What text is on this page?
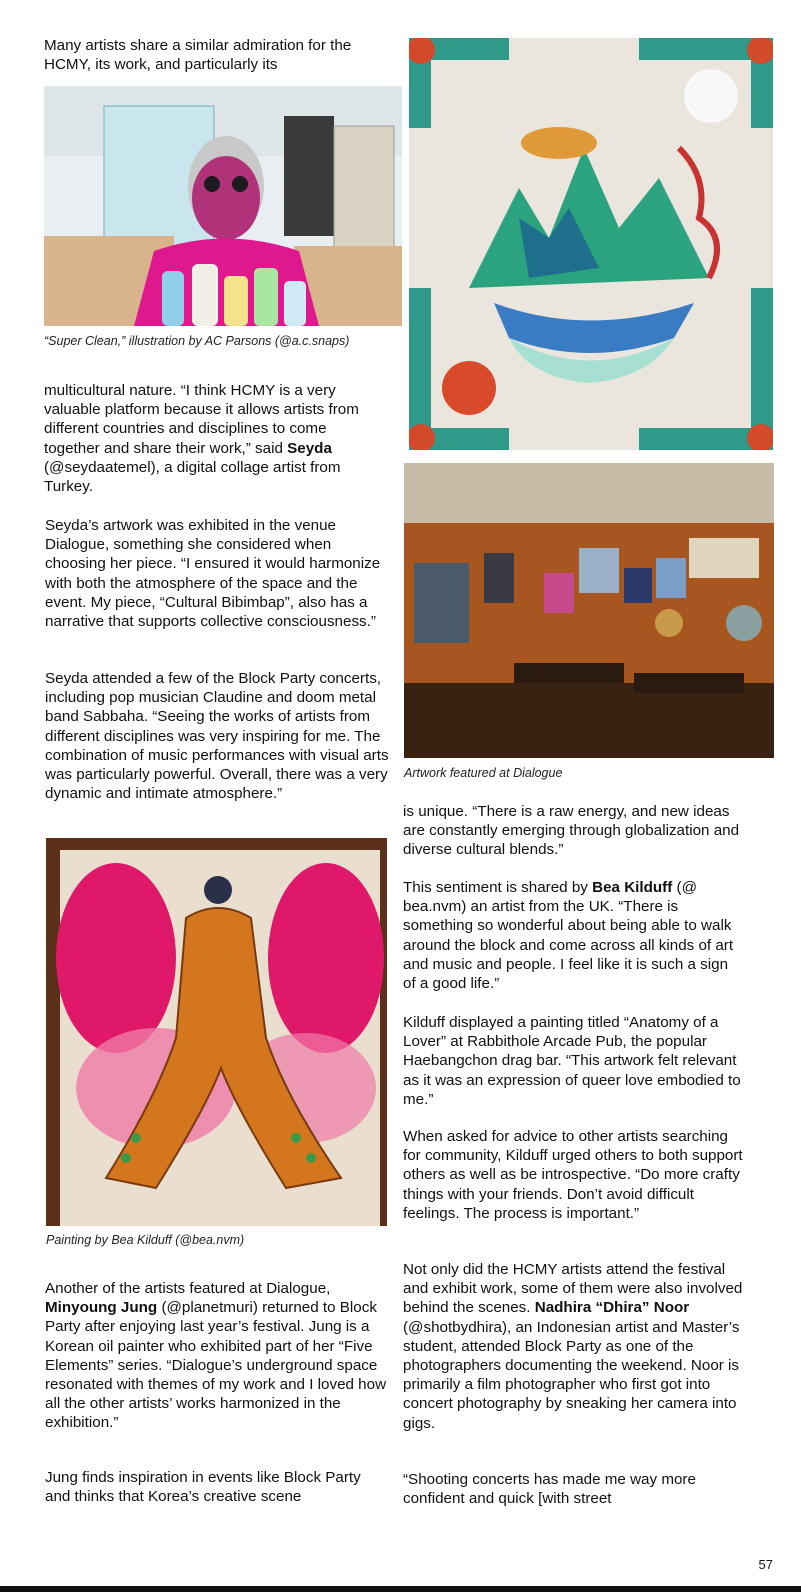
Many artists share a similar admiration for the HCMY, its work, and particularly its

“Super Clean,” illustration by AC Parsons (@a.c.snaps)

multicultural nature. “I think HCMY is a very valuable platform because it allows artists from different countries and disciplines to come together and share their work,” said Seyda (@seydaatemel), a digital collage artist from Turkey.

Seyda’s artwork was exhibited in the venue Dialogue, something she considered when choosing her piece. “I ensured it would harmonize with both the atmosphere of the space and the event. My piece, “Cultural Bibimbap”, also has a narrative that supports collective consciousness.”

Seyda attended a few of the Block Party concerts, including pop musician Claudine and doom metal band Sabbaha. “Seeing the works of artists from different disciplines was very inspiring for me. The combination of music performances with visual arts was particularly powerful. Overall, there was a very dynamic and intimate atmosphere.”

Painting by Bea Kilduff (@bea.nvm)

Another of the artists featured at Dialogue, Minyoung Jung (@planetmuri) returned to Block Party after enjoying last year’s festival. Jung is a Korean oil painter who exhibited part of her “Five Elements” series. “Dialogue’s underground space resonated with themes of my work and I loved how all the other artists’ works harmonized in the exhibition.”

Jung finds inspiration in events like Block Party and thinks that Korea’s creative scene

Artwork featured at Dialogue

is unique. “There is a raw energy, and new ideas are constantly emerging through globalization and diverse cultural blends.”

This sentiment is shared by Bea Kilduff (@ bea.nvm) an artist from the UK. “There is something so wonderful about being able to walk around the block and come across all kinds of art and music and people. I feel like it is such a sign of a good life.”

Kilduff displayed a painting titled “Anatomy of a Lover” at Rabbithole Arcade Pub, the popular Haebangchon drag bar. “This artwork felt relevant as it was an expression of queer love embodied to me.”

When asked for advice to other artists searching for community, Kilduff urged others to both support others as well as be introspective. “Do more crafty things with your friends. Don’t avoid difficult feelings. The process is important.”

Not only did the HCMY artists attend the festival and exhibit work, some of them were also involved behind the scenes. Nadhira “Dhira” Noor (@shotbydhira), an Indonesian artist and Master’s student, attended Block Party as one of the photographers documenting the weekend. Noor is primarily a film photographer who first got into concert photography by sneaking her camera into gigs.

“Shooting concerts has made me way more confident and quick [with street

57
